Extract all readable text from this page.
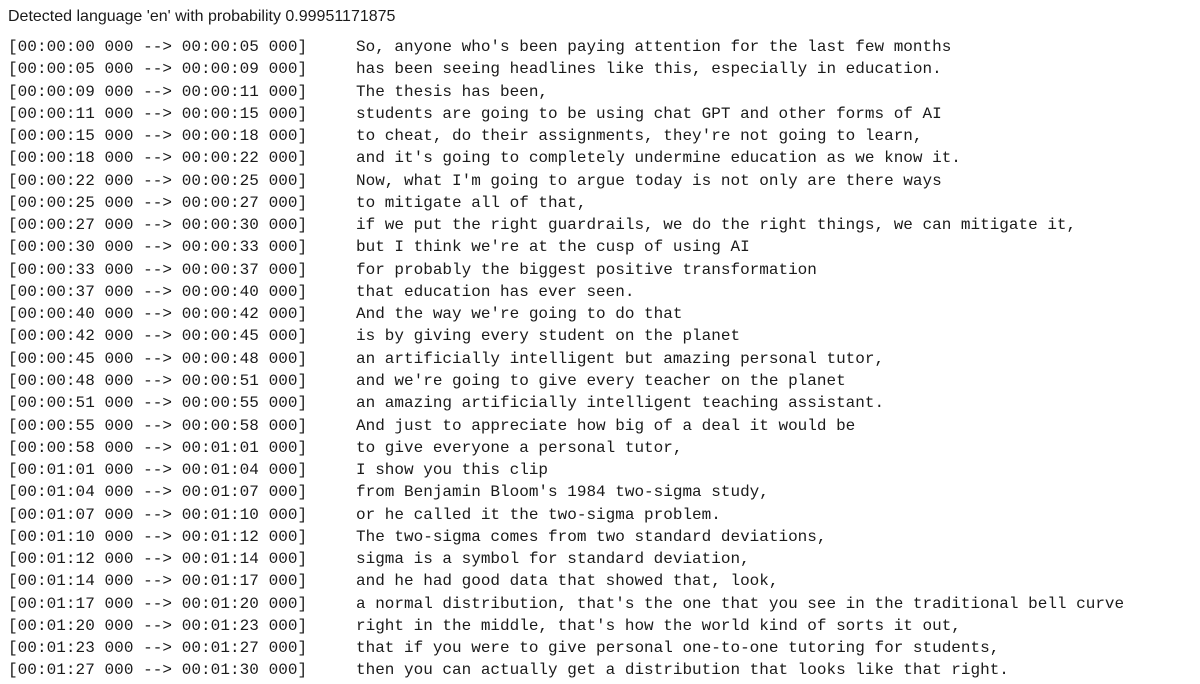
Detected language 'en' with probability 0.99951171875
[00:00:00 000 --> 00:00:05 000]	So, anyone who's been paying attention for the last few months
[00:00:05 000 --> 00:00:09 000]	has been seeing headlines like this, especially in education.
[00:00:09 000 --> 00:00:11 000]	The thesis has been,
[00:00:11 000 --> 00:00:15 000]	students are going to be using chat GPT and other forms of AI
[00:00:15 000 --> 00:00:18 000]	to cheat, do their assignments, they're not going to learn,
[00:00:18 000 --> 00:00:22 000]	and it's going to completely undermine education as we know it.
[00:00:22 000 --> 00:00:25 000]	Now, what I'm going to argue today is not only are there ways
[00:00:25 000 --> 00:00:27 000]	to mitigate all of that,
[00:00:27 000 --> 00:00:30 000]	if we put the right guardrails, we do the right things, we can mitigate it,
[00:00:30 000 --> 00:00:33 000]	but I think we're at the cusp of using AI
[00:00:33 000 --> 00:00:37 000]	for probably the biggest positive transformation
[00:00:37 000 --> 00:00:40 000]	that education has ever seen.
[00:00:40 000 --> 00:00:42 000]	And the way we're going to do that
[00:00:42 000 --> 00:00:45 000]	is by giving every student on the planet
[00:00:45 000 --> 00:00:48 000]	an artificially intelligent but amazing personal tutor,
[00:00:48 000 --> 00:00:51 000]	and we're going to give every teacher on the planet
[00:00:51 000 --> 00:00:55 000]	an amazing artificially intelligent teaching assistant.
[00:00:55 000 --> 00:00:58 000]	And just to appreciate how big of a deal it would be
[00:00:58 000 --> 00:01:01 000]	to give everyone a personal tutor,
[00:01:01 000 --> 00:01:04 000]	I show you this clip
[00:01:04 000 --> 00:01:07 000]	from Benjamin Bloom's 1984 two-sigma study,
[00:01:07 000 --> 00:01:10 000]	or he called it the two-sigma problem.
[00:01:10 000 --> 00:01:12 000]	The two-sigma comes from two standard deviations,
[00:01:12 000 --> 00:01:14 000]	sigma is a symbol for standard deviation,
[00:01:14 000 --> 00:01:17 000]	and he had good data that showed that, look,
[00:01:17 000 --> 00:01:20 000]	a normal distribution, that's the one that you see in the traditional bell curve
[00:01:20 000 --> 00:01:23 000]	right in the middle, that's how the world kind of sorts it out,
[00:01:23 000 --> 00:01:27 000]	that if you were to give personal one-to-one tutoring for students,
[00:01:27 000 --> 00:01:30 000]	then you can actually get a distribution that looks like that right.
